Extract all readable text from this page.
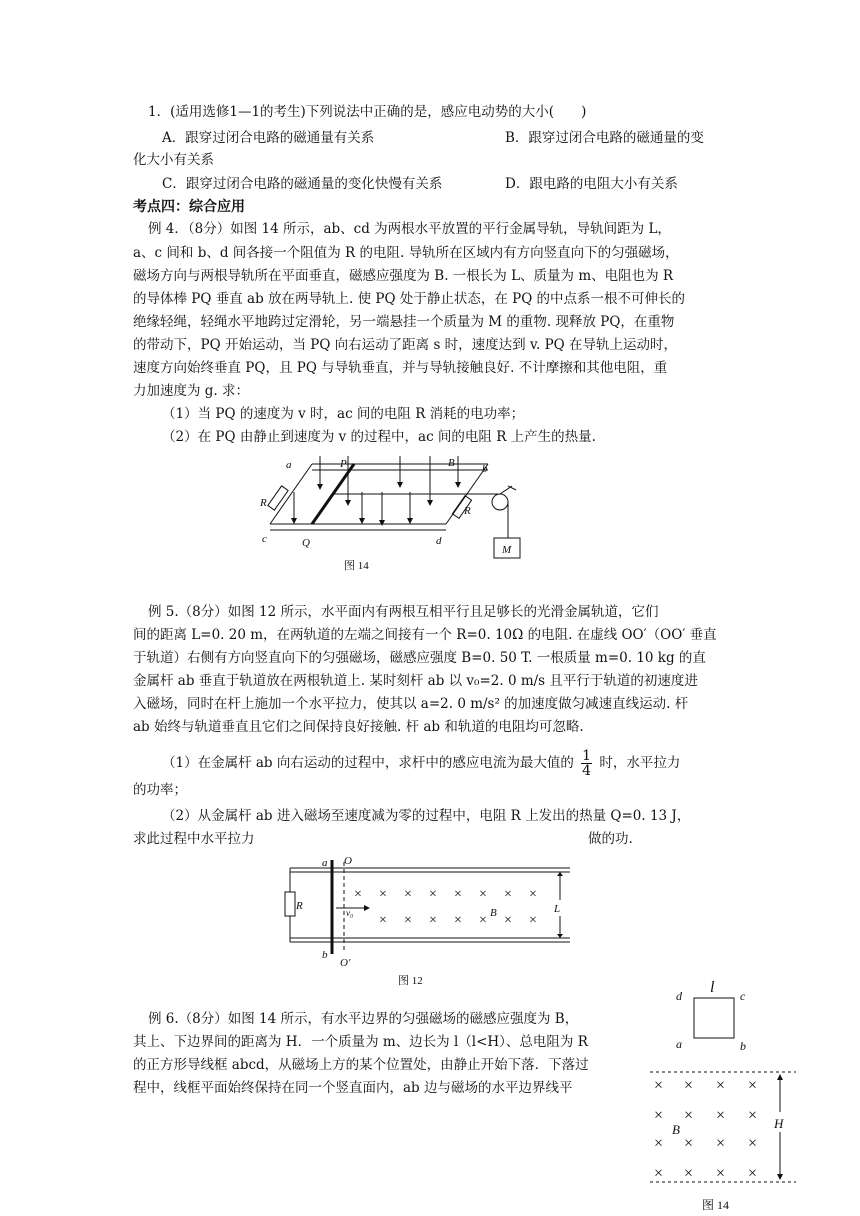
1．(适用选修1—1的考生)下列说法中正确的是，感应电动势的大小(　　)
A．跟穿过闭合电路的磁通量有关系	B．跟穿过闭合电路的磁通量的变
化大小有关系
C．跟穿过闭合电路的磁通量的变化快慢有关系	D．跟电路的电阻大小有关系
考点四：综合应用
例 4．（8分）如图 14 所示，ab、cd 为两根水平放置的平行金属导轨，导轨间距为 L，
a、c 间和 b、d 间各接一个阻值为 R 的电阻. 导轨所在区域内有方向竖直向下的匀强磁场，
磁场方向与两根导轨所在平面垂直，磁感应强度为 B. 一根长为 L、质量为 m、电阻也为 R
的导体棒 PQ 垂直 ab 放在两导轨上. 使 PQ 处于静止状态，在 PQ 的中点系一根不可伸长的
绝缘轻绳，轻绳水平地跨过定滑轮，另一端悬挂一个质量为 M 的重物. 现释放 PQ，在重物
的带动下，PQ 开始运动，当 PQ 向右运动了距离 s 时，速度达到 v. PQ 在导轨上运动时，
速度方向始终垂直 PQ，且 PQ 与导轨垂直，并与导轨接触良好. 不计摩擦和其他电阻，重
力加速度为 g. 求：
（1）当 PQ 的速度为 v 时，ac 间的电阻 R 消耗的电功率；
（2）在 PQ 由静止到速度为 v 的过程中，ac 间的电阻 R 上产生的热量.
a	P	B b
R
R
c	Q	d
M
图 14
例 5.（8分）如图 12 所示，水平面内有两根互相平行且足够长的光滑金属轨道，它们
间的距离 L=0. 20 m，在两轨道的左端之间接有一个 R=0. 10Ω 的电阻. 在虚线 OO′（OO′ 垂直
于轨道）右侧有方向竖直向下的匀强磁场，磁感应强度 B=0. 50 T. 一根质量 m=0. 10 kg 的直
金属杆 ab 垂直于轨道放在两根轨道上. 某时刻杆 ab 以 v₀=2. 0 m/s 且平行于轨道的初速度进
入磁场，同时在杆上施加一个水平拉力，使其以 a=2. 0 m/s² 的加速度做匀减速直线运动. 杆
ab 始终与轨道垂直且它们之间保持良好接触. 杆 ab 和轨道的电阻均可忽略.
（1）在金属杆 ab 向右运动的过程中，求杆中的感应电流为最大值的 $\frac{1}{4}$ 时，水平拉力
的功率；
（2）从金属杆 ab 进入磁场至速度减为零的过程中，电阻 R 上发出的热量 Q=0. 13 J，
求此过程中水平拉力	做的功.
× × × × × × × ×
× × × × × × ×
a O
R
v₀	B	L
b
O′
图 12
例 6.（8分）如图 14 所示，有水平边界的匀强磁场的磁感应强度为 B，
其上、下边界间的距离为 H．一个质量为 m、边长为 l（l<H）、总电阻为 R
的正方形导线框 abcd，从磁场上方的某个位置处，由静止开始下落．下落过
程中，线框平面始终保持在同一个竖直面内，ab 边与磁场的水平边界线平	× × × ×
× × × ×
× × × ×
× × × ×
l
d	c
a	b
B	H
图 14
